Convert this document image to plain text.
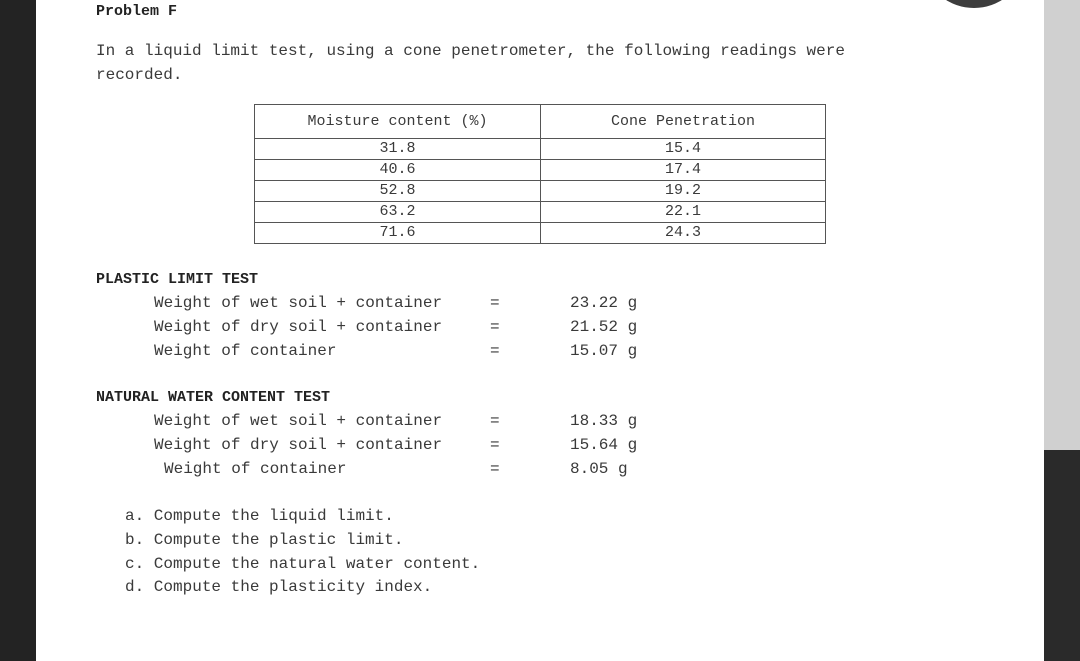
Problem F
In a liquid limit test, using a cone penetrometer, the following readings were
recorded.
Moisture content (%)	Cone Penetration
31.8	15.4
40.6	17.4
52.8	19.2
63.2	22.1
71.6	24.3
PLASTIC LIMIT TEST
Weight of wet soil + container	=	23.22 g
Weight of dry soil + container	=	21.52 g
Weight of container	=	15.07 g
NATURAL WATER CONTENT TEST
Weight of wet soil + container	=	18.33 g
Weight of dry soil + container	=	15.64 g
Weight of container	=	8.05 g
a. Compute the liquid limit.
b. Compute the plastic limit.
c. Compute the natural water content.
d. Compute the plasticity index.
